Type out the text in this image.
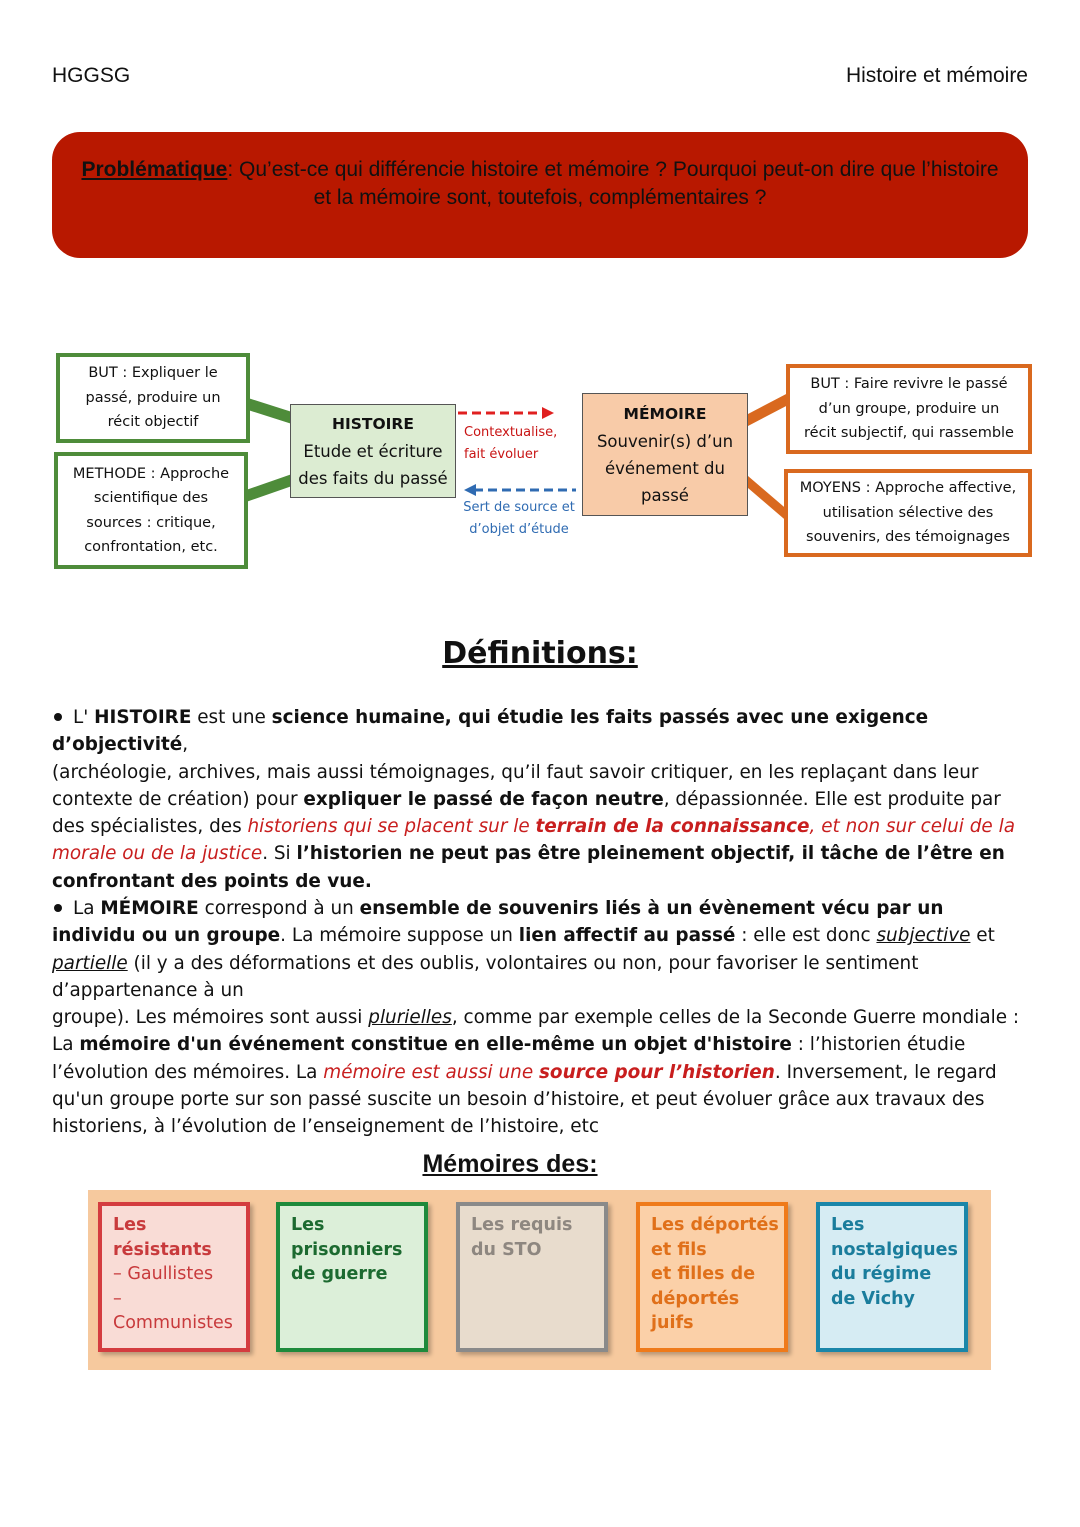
HGGSG	Histoire et mémoire

Problématique: Qu’est-ce qui différencie histoire et mémoire ? Pourquoi peut-on dire que l’histoire et la mémoire sont, toutefois, complémentaires ?

BUT : Expliquer le
passé, produire un
récit objectif
METHODE : Approche
scientifique des
sources : critique,
confrontation, etc.
HISTOIRE
Etude et écriture
des faits du passé
Contextualise,
fait évoluer
Sert de source et
d’objet d’étude
MÉMOIRE
Souvenir(s) d’un
événement du
passé
BUT : Faire revivre le passé
d’un groupe, produire un
récit subjectif, qui rassemble
MOYENS : Approche affective,
utilisation sélective des
souvenirs, des témoignages
Définitions:

L' HISTOIRE est une science humaine, qui étudie les faits passés avec une exigence d’objectivité,
(archéologie, archives, mais aussi témoignages, qu’il faut savoir critiquer, en les replaçant dans leur contexte de création) pour expliquer le passé de façon neutre, dépassionnée. Elle est produite par des spécialistes, des historiens qui se placent sur le terrain de la connaissance, et non sur celui de la morale ou de la justice. Si l’historien ne peut pas être pleinement objectif, il tâche de l’être en confrontant des points de vue.

La MÉMOIRE correspond à un ensemble de souvenirs liés à un évènement vécu par un individu ou un groupe. La mémoire suppose un lien affectif au passé : elle est donc subjective et partielle (il y a des déformations et des oublis, volontaires ou non, pour favoriser le sentiment d’appartenance à un
groupe). Les mémoires sont aussi plurielles, comme par exemple celles de la Seconde Guerre mondiale :
La mémoire d'un événement constitue en elle-même un objet d'histoire : l’historien étudie l’évolution des mémoires. La mémoire est aussi une source pour l’historien. Inversement, le regard qu'un groupe porte sur son passé suscite un besoin d’histoire, et peut évoluer grâce aux travaux des historiens, à l’évolution de l’enseignement de l’histoire, etc

Mémoires des:
Les résistants
– Gaullistes
– Communistes
Les
prisonniers
de guerre
Les requis
du STO
Les déportés
et fils
et filles de
déportés juifs
Les
nostalgiques
du régime
de Vichy
